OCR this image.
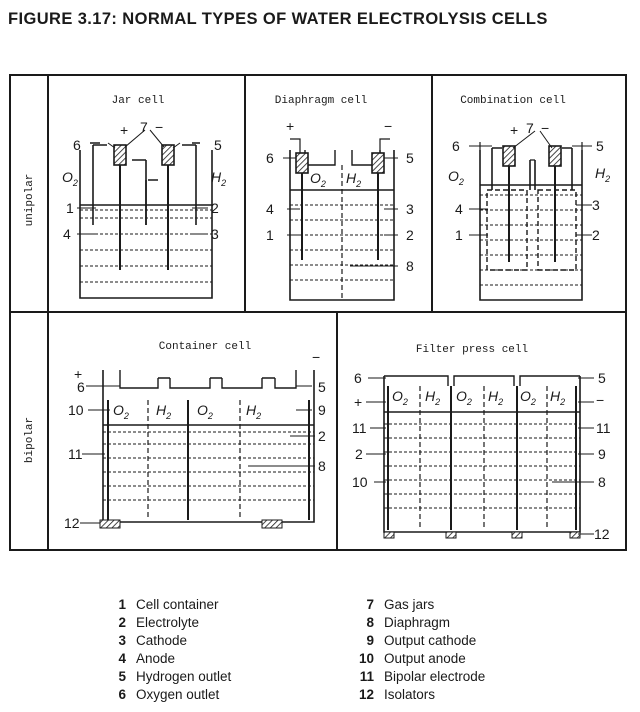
FIGURE 3.17: NORMAL TYPES OF WATER ELECTROLYSIS CELLS
unipolar
bipolar
Jar cell	Diaphragm cell	Combination cell
Container cell	Filter press cell
+ 7 −
6	5
1	2
4	3
$O_2$	$H_2$
+	−
6	5
4	3
1	2
8
$O_2$ $H_2$
+ 7 −
6	5
$O_2$
$H_2$
4	3
1	2
+
−
6	5
10	9
2
11
8
12
$O_2$ $H_2$ $O_2$ $H_2$
6	5
+	−
11	11
2	9
10	8
12
$O_2$ $H_2$ $O_2$ $H_2$ $O_2$ $H_2$
1 Cell container
2 Electrolyte
3 Cathode
4 Anode
5 Hydrogen outlet
6 Oxygen outlet
7 Gas jars
8 Diaphragm
9 Output cathode
10 Output anode
11 Bipolar electrode
12 Isolators
